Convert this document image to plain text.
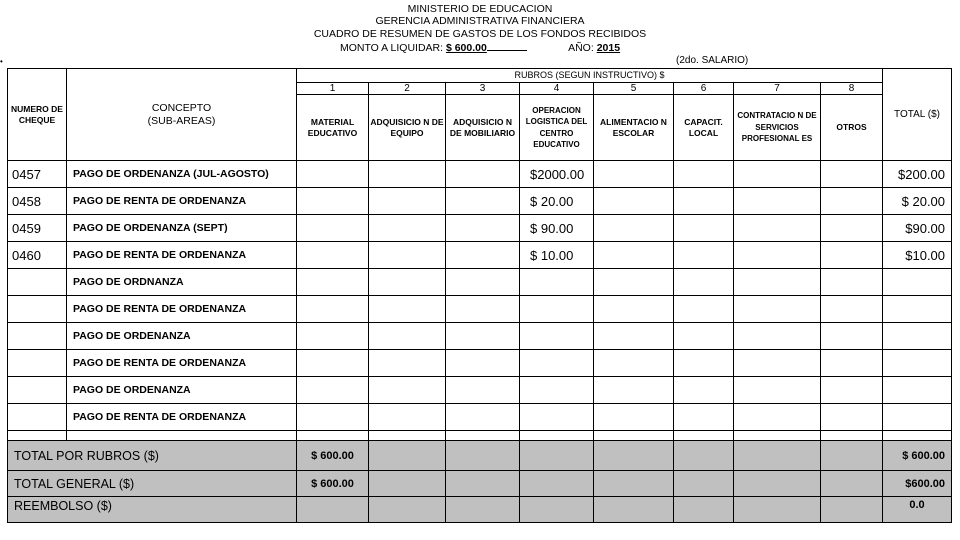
MINISTERIO DE EDUCACION
GERENCIA ADMINISTRATIVA FINANCIERA
CUADRO DE RESUMEN DE GASTOS DE LOS FONDOS RECIBIDOS
MONTO A LIQUIDAR: $ 600.00	AÑO: 2015
(2do. SALARIO)
•
NUMERO DE CHEQUE	CONCEPTO
(SUB-AREAS)	RUBROS (SEGUN INSTRUCTIVO) $								TOTAL ($)
		1	2	3	4	5	6	7	8	
		MATERIAL EDUCATIVO	ADQUISICIO N DE EQUIPO	ADQUISICIO N DE MOBILIARIO	OPERACION LOGISTICA DEL CENTRO EDUCATIVO	ALIMENTACIO N ESCOLAR	CAPACIT. LOCAL	CONTRATACIO N DE SERVICIOS PROFESIONAL ES	OTROS	
0457	PAGO DE ORDENANZA (JUL-AGOSTO)				$2000.00					$200.00
0458	PAGO DE RENTA DE ORDENANZA				$ 20.00					$ 20.00
0459	PAGO DE ORDENANZA (SEPT)				$ 90.00					$90.00
0460	PAGO DE RENTA DE ORDENANZA				$ 10.00					$10.00
	PAGO DE ORDNANZA									
	PAGO DE RENTA DE ORDENANZA									
	PAGO DE ORDENANZA									
	PAGO DE RENTA DE ORDENANZA									
	PAGO DE ORDENANZA									
	PAGO DE RENTA DE ORDENANZA									

TOTAL POR RUBROS ($)		$ 600.00								$ 600.00
TOTAL GENERAL ($)		$ 600.00								$600.00
REEMBOLSO ($)										0.0
